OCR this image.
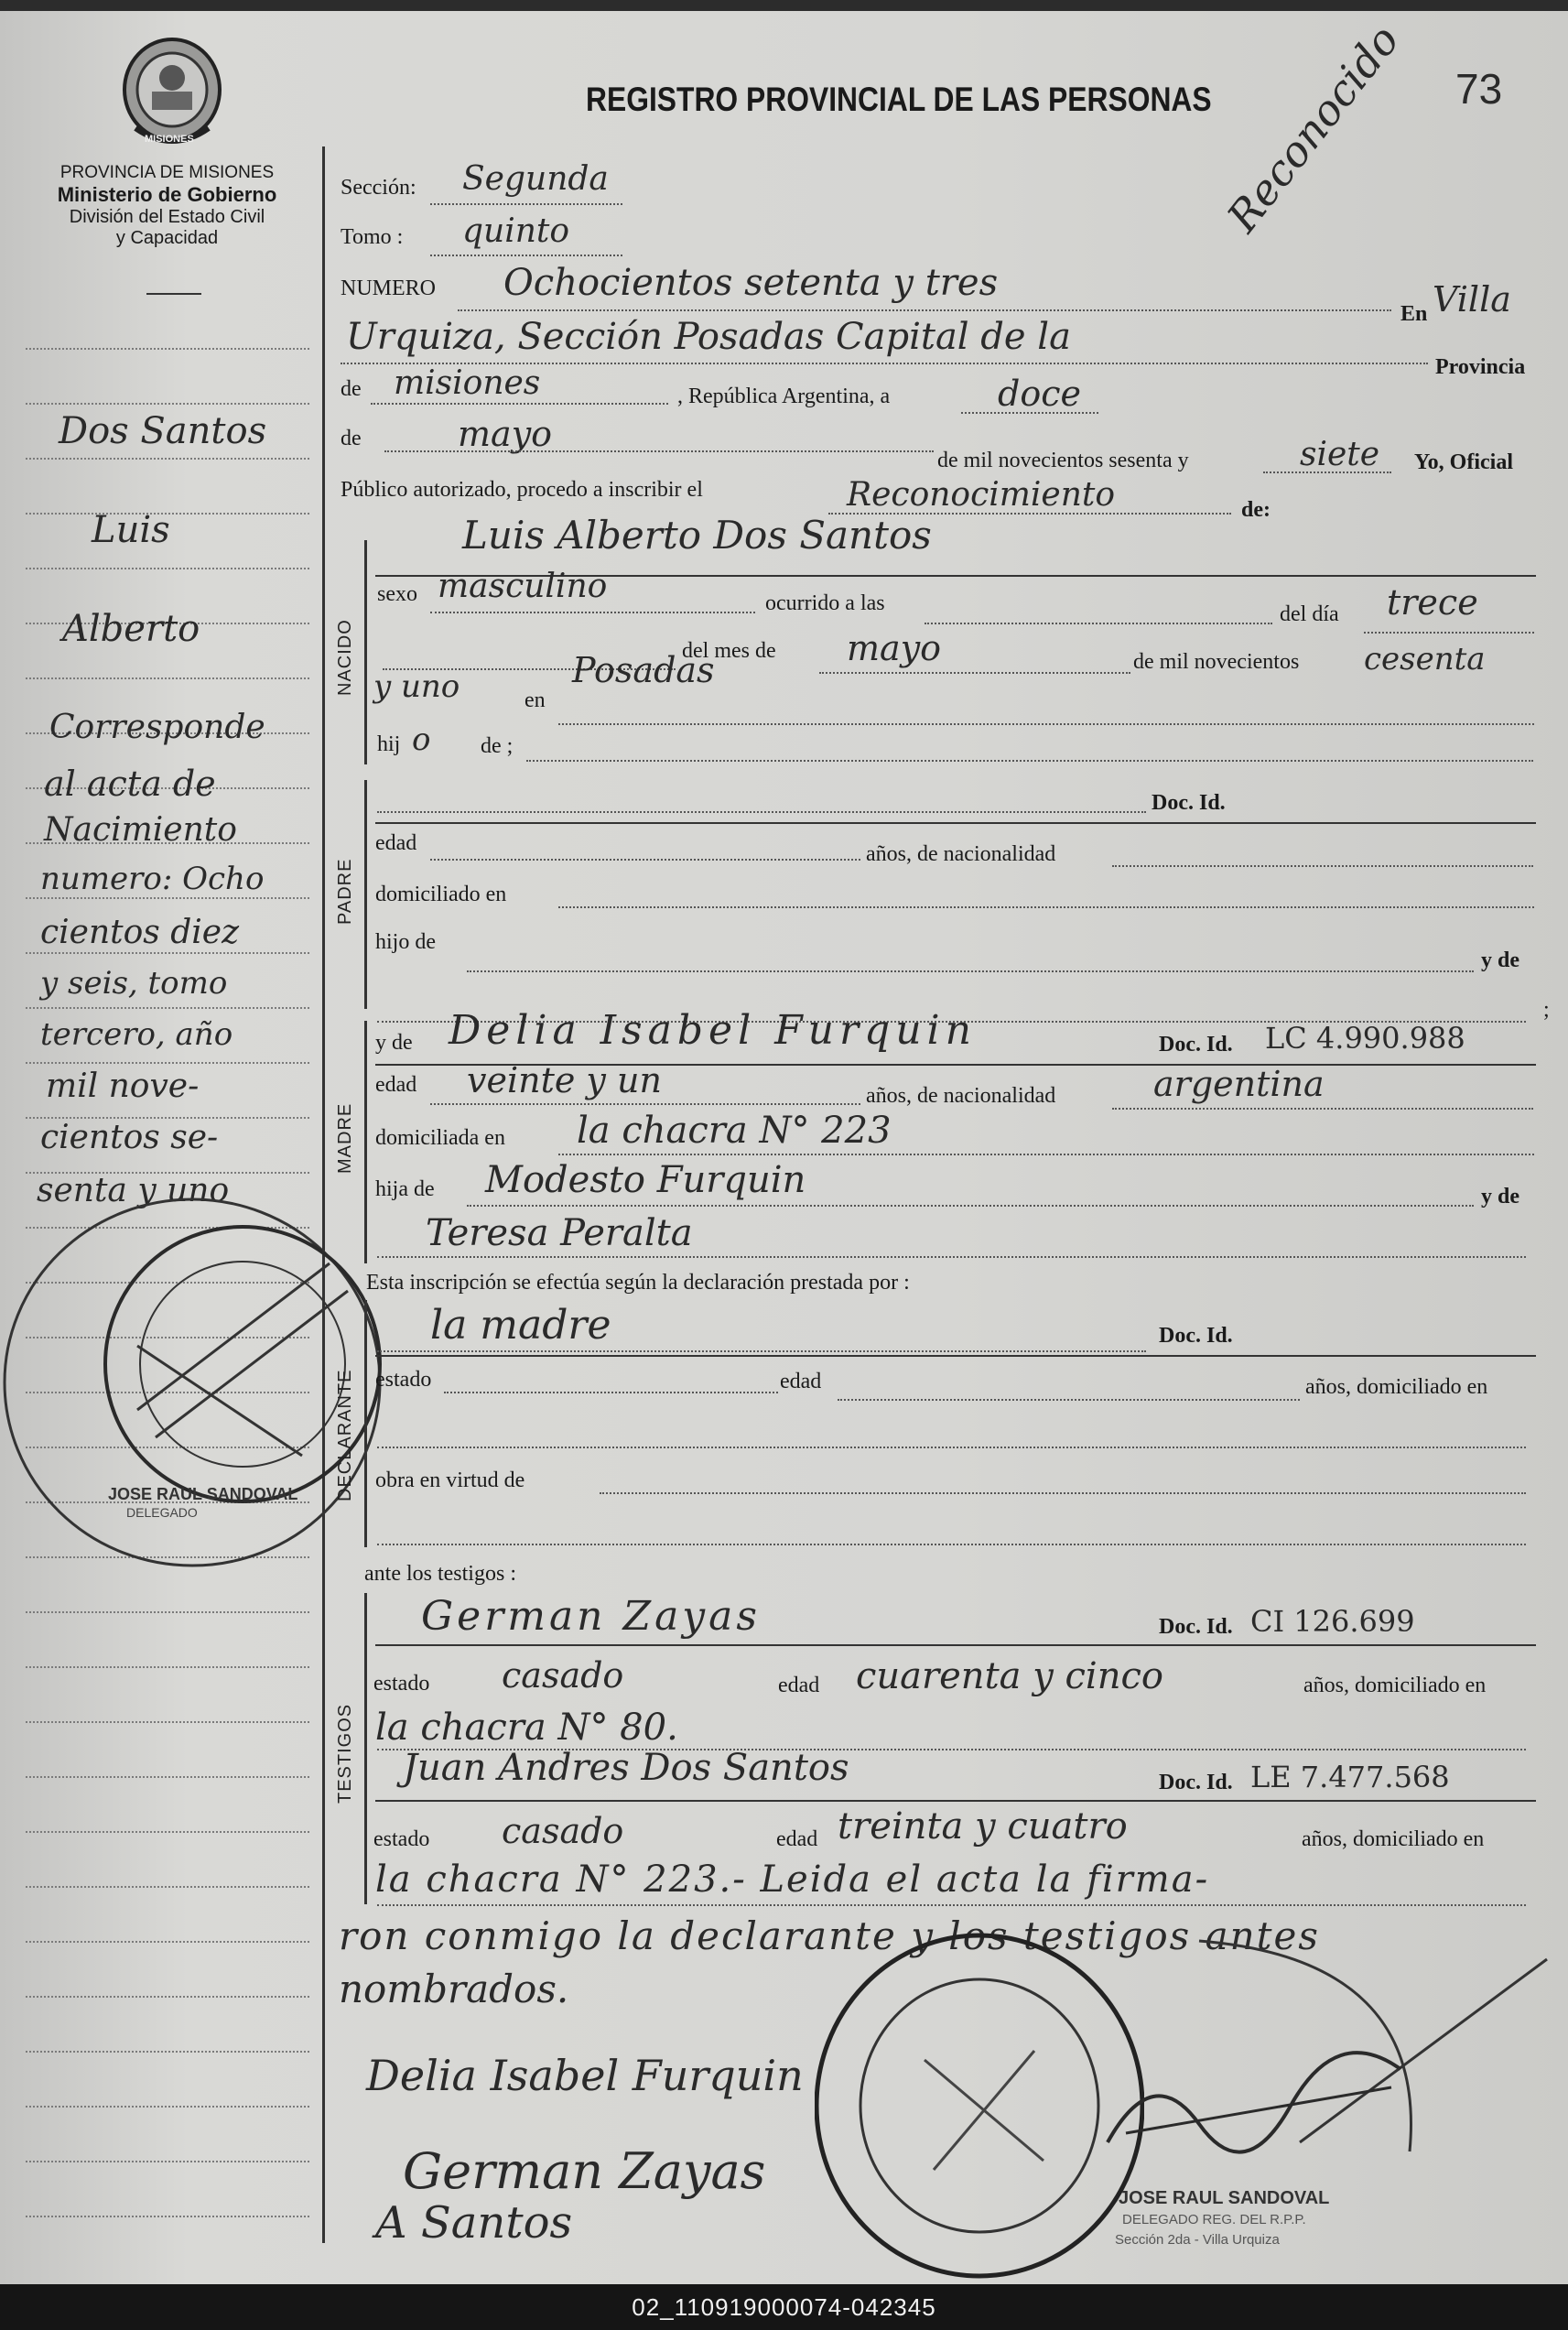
MISIONES
PROVINCIA DE MISIONES
Ministerio de Gobierno
División del Estado Civil
y Capacidad
REGISTRO PROVINCIAL DE LAS PERSONAS	73
Reconocido
Dos Santos
Luis
Alberto
Corresponde
al acta de
Nacimiento
numero: Ocho
cientos diez
y seis, tomo
tercero, año
mil nove-
cientos se-
senta y uno
JOSE RAUL SANDOVAL
DELEGADO
Sección: Segunda
Tomo : quinto
NUMERO Ochocientos setenta y tres
En Villa
Urquiza, Sección Posadas Capital de la
Provincia
de misiones	, República Argentina, a	doce
de	mayo
de mil novecientos sesenta y	siete Yo, Oficial
Público autorizado, procedo a inscribir el	Reconocimiento	de:
Luis Alberto Dos Santos
NACIDO
sexo masculino	ocurrido a las	del día trece
del mes de mayo	de mil novecientos cesenta
y uno	en
Posadas
hij o de ;
PADRE
Doc. Id.
edad	años, de nacionalidad
domiciliado en
hijo de
y de
;
MADRE
y de Delia Isabel Furquin	Doc. Id. LC 4.990.988
edad veinte y un	años, de nacionalidad	argentina
domiciliada en la chacra N° 223
hija de Modesto Furquin	y de
Teresa Peralta
Esta inscripción se efectúa según la declaración prestada por :
DECLARANTE
la madre	Doc. Id.
estado	edad	años, domiciliado en
obra en virtud de
ante los testigos :
TESTIGOS
German Zayas	Doc. Id. CI 126.699
estado casado	edad cuarenta y cinco	años, domiciliado en
la chacra N° 80.
Juan Andres Dos Santos	Doc. Id. LE 7.477.568
estado casado	edad treinta y cuatro	años, domiciliado en
la chacra N° 223.- Leida el acta la firma-
ron conmigo la declarante y los testigos antes
nombrados.
Delia Isabel Furquin
German Zayas
A Santos	JOSE RAUL SANDOVAL
DELEGADO REG. DEL R.P.P.
Sección 2da - Villa Urquiza
02_110919000074-042345
